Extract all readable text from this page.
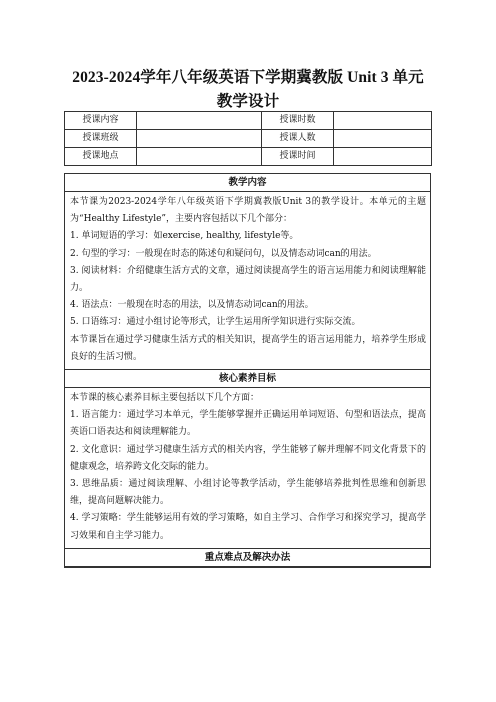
2023-2024学年八年级英语下学期冀教版 Unit 3 单元
教学设计
授课内容		授课时数	
授课班级		授课人数	
授课地点		授课时间	
教学内容

本节课为2023-2024学年八年级英语下学期冀教版Unit 3的教学设计。本单元的主题为“Healthy Lifestyle”，主要内容包括以下几个部分：

1. 单词短语的学习：如exercise, healthy, lifestyle等。

2. 句型的学习：一般现在时态的陈述句和疑问句，以及情态动词can的用法。

3. 阅读材料：介绍健康生活方式的文章，通过阅读提高学生的语言运用能力和阅读理解能力。

4. 语法点：一般现在时态的用法，以及情态动词can的用法。

5. 口语练习：通过小组讨论等形式，让学生运用所学知识进行实际交流。

本节课旨在通过学习健康生活方式的相关知识，提高学生的语言运用能力，培养学生形成良好的生活习惯。

核心素养目标

本节课的核心素养目标主要包括以下几个方面：

1. 语言能力：通过学习本单元，学生能够掌握并正确运用单词短语、句型和语法点，提高英语口语表达和阅读理解能力。

2. 文化意识：通过学习健康生活方式的相关内容，学生能够了解并理解不同文化背景下的健康观念，培养跨文化交际的能力。

3. 思维品质：通过阅读理解、小组讨论等教学活动，学生能够培养批判性思维和创新思维，提高问题解决能力。

4. 学习策略：学生能够运用有效的学习策略，如自主学习、合作学习和探究学习，提高学习效果和自主学习能力。

重点难点及解决办法
